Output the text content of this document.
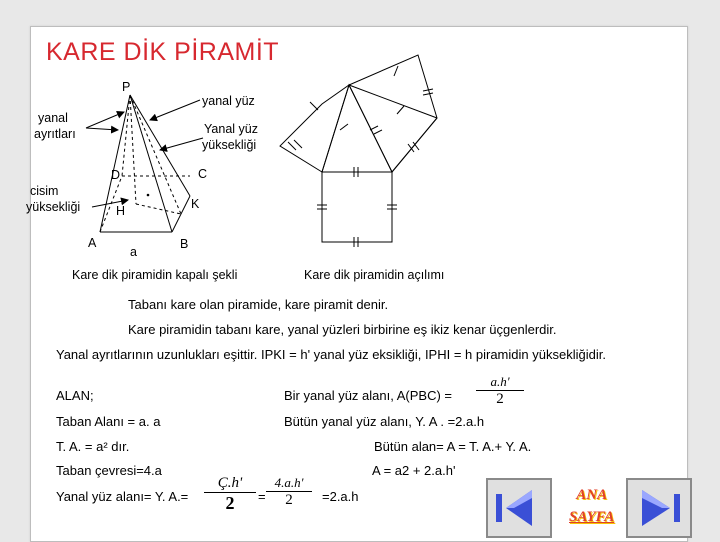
KARE DİK PİRAMİT
P
yanal yüz
Yanal yüz
yüksekliği
yanal
ayrıtları
cisim
yüksekliği
D	C
K
H
A
a
B
Kare dik piramidin kapalı şekli	Kare dik piramidin açılımı
Tabanı kare olan piramide, kare piramit denir.
Kare piramidin tabanı kare, yanal yüzleri birbirine eş ikiz kenar üçgenlerdir.
Yanal ayrıtlarının uzunlukları eşittir. IPKI = h' yanal yüz eksikliği, IPHI = h piramidin yüksekliğidir.
ALAN;	Bir yanal yüz alanı, $A(PBC) = \frac{a.h'}{2}$
Taban Alanı = a. a	Bütün yanal yüz alanı, Y. A . =2.a.h
T. A. = a² dır.	Bütün alan= A = T. A.+ Y. A.
Taban çevresi=4.a	A = a2 + 2.a.h'
Yanal yüz alanı= Y. A.=
Ç.h'
2	= $\frac{4.a.h'}{2} =2.a.h$	ANA
SAYFA
